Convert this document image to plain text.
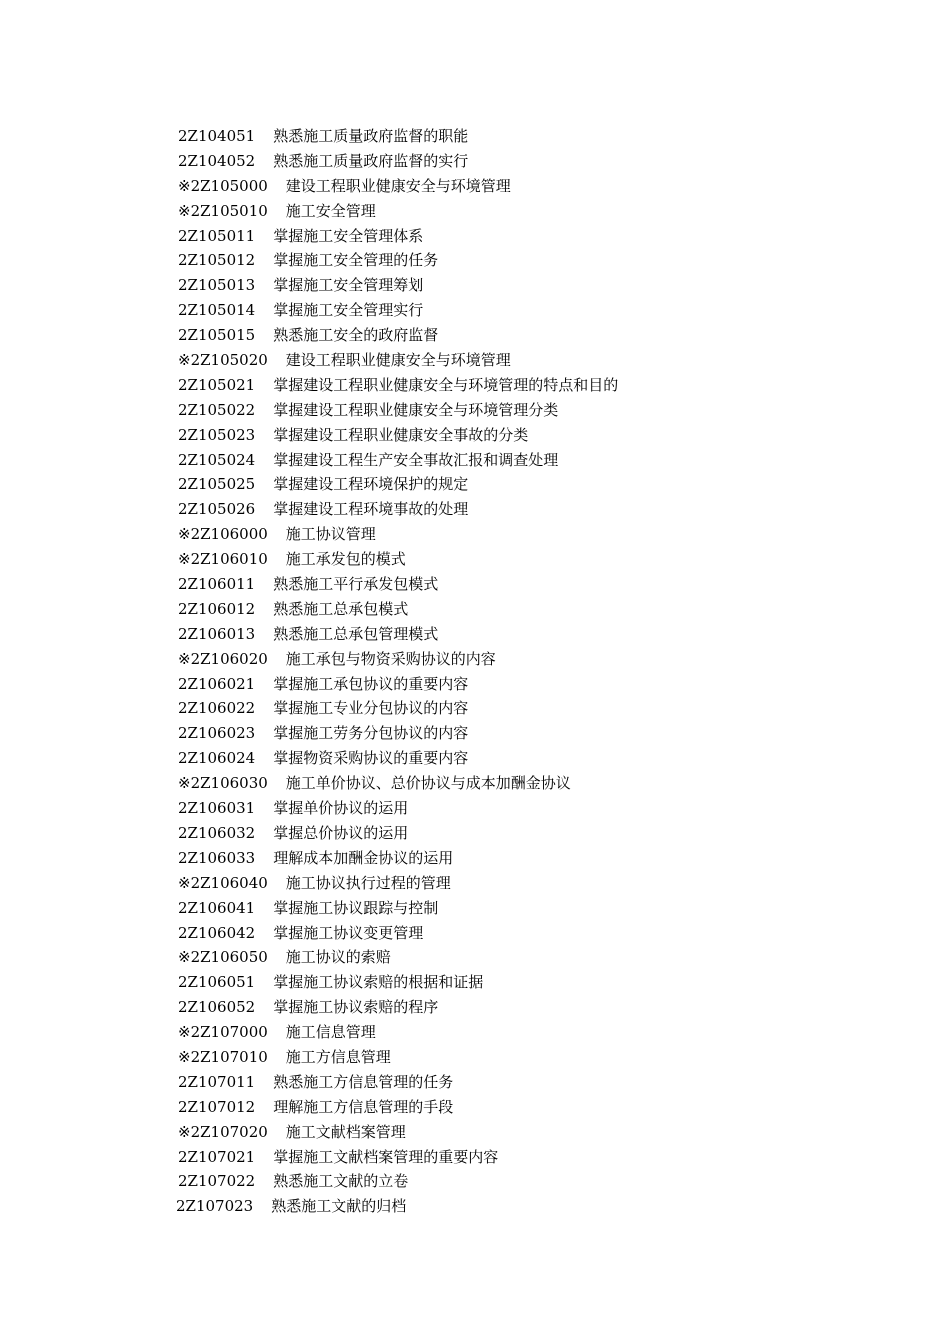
2Z104051 熟悉施工质量政府监督的职能
2Z104052 熟悉施工质量政府监督的实行
※2Z105000 建设工程职业健康安全与环境管理
※2Z105010 施工安全管理
2Z105011 掌握施工安全管理体系
2Z105012 掌握施工安全管理的任务
2Z105013 掌握施工安全管理筹划
2Z105014 掌握施工安全管理实行
2Z105015 熟悉施工安全的政府监督
※2Z105020 建设工程职业健康安全与环境管理
2Z105021 掌握建设工程职业健康安全与环境管理的特点和目的
2Z105022 掌握建设工程职业健康安全与环境管理分类
2Z105023 掌握建设工程职业健康安全事故的分类
2Z105024 掌握建设工程生产安全事故汇报和调查处理
2Z105025 掌握建设工程环境保护的规定
2Z105026 掌握建设工程环境事故的处理
※2Z106000 施工协议管理
※2Z106010 施工承发包的模式
2Z106011 熟悉施工平行承发包模式
2Z106012 熟悉施工总承包模式
2Z106013 熟悉施工总承包管理模式
※2Z106020 施工承包与物资采购协议的内容
2Z106021 掌握施工承包协议的重要内容
2Z106022 掌握施工专业分包协议的内容
2Z106023 掌握施工劳务分包协议的内容
2Z106024 掌握物资采购协议的重要内容
※2Z106030 施工单价协议、总价协议与成本加酬金协议
2Z106031 掌握单价协议的运用
2Z106032 掌握总价协议的运用
2Z106033 理解成本加酬金协议的运用
※2Z106040 施工协议执行过程的管理
2Z106041 掌握施工协议跟踪与控制
2Z106042 掌握施工协议变更管理
※2Z106050 施工协议的索赔
2Z106051 掌握施工协议索赔的根据和证据
2Z106052 掌握施工协议索赔的程序
※2Z107000 施工信息管理
※2Z107010 施工方信息管理
2Z107011 熟悉施工方信息管理的任务
2Z107012 理解施工方信息管理的手段
※2Z107020 施工文献档案管理
2Z107021 掌握施工文献档案管理的重要内容
2Z107022 熟悉施工文献的立卷
2Z107023 熟悉施工文献的归档
